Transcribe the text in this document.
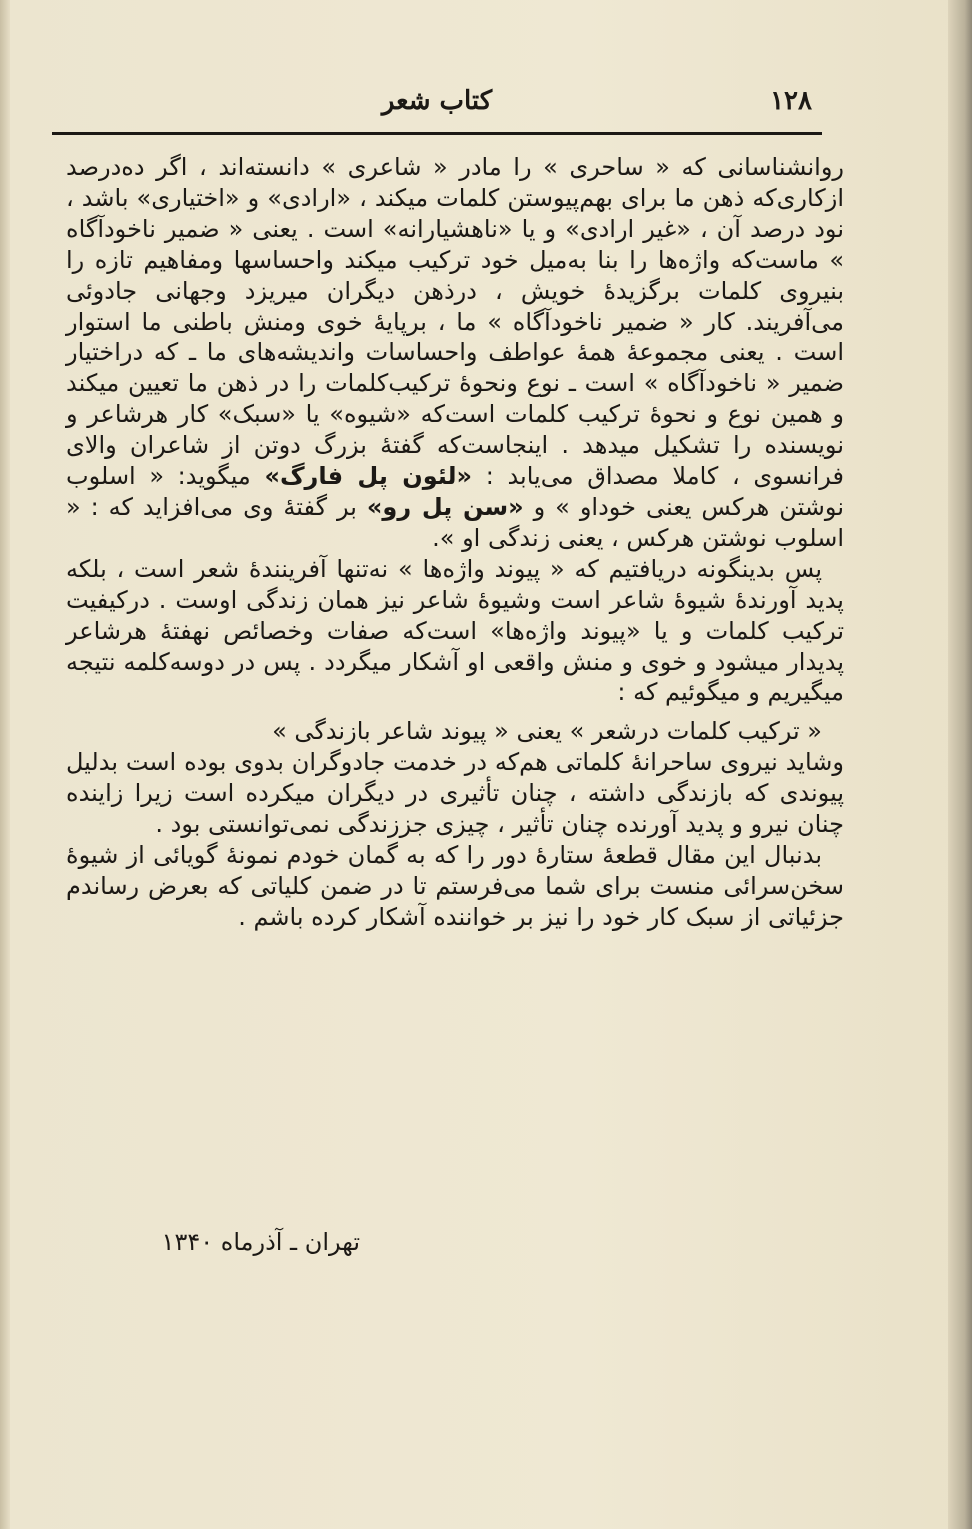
کتاب شعر	۱۲۸

روانشناسانی که « ساحری » را مادر « شاعری » دانسته‌اند ، اگر ده‌درصد ازکاری‌که ذهن ما برای بهم‌پیوستن کلمات میکند ، «ارادی» و «اختیاری» باشد ، نود درصد آن ، «غیر ارادی» و یا «ناهشیارانه» است . یعنی « ضمیر ناخودآگاه » ماست‌که واژه‌ها را بنا به‌میل خود ترکیب میکند واحساسها ومفاهیم تازه را بنیروی کلمات برگزیدهٔ خویش ، درذهن دیگران میریزد وجهانی جادوئی می‌آفریند. کار « ضمیر ناخودآگاه » ما ، برپایهٔ خوی ومنش باطنی ما استوار است . یعنی مجموعهٔ همهٔ عواطف واحساسات واندیشه‌های ما ـ که دراختیار ضمیر « ناخودآگاه » است ـ نوع ونحوهٔ ترکیب‌کلمات را در ذهن ما تعیین میکند و همین نوع و نحوهٔ ترکیب کلمات است‌که «شیوه» یا «سبک» کار هرشاعر و نویسنده را تشکیل میدهد . اینجاست‌که گفتهٔ بزرگ دوتن از شاعران والای فرانسوی ، کاملا مصداق می‌یابد : «لئون پل فارگ» میگوید: « اسلوب نوشتن هرکس یعنی خوداو » و «سن پل رو» بر گفتهٔ وی می‌افزاید که : « اسلوب نوشتن هرکس ، یعنی زندگی او ».

پس بدینگونه دریافتیم که « پیوند واژه‌ها » نه‌تنها آفرینندهٔ شعر است ، بلکه پدید آورندهٔ شیوهٔ شاعر است وشیوهٔ شاعر نیز همان زندگی اوست . درکیفیت ترکیب کلمات و یا «پیوند واژه‌ها» است‌که صفات وخصائص نهفتهٔ هرشاعر پدیدار میشود و خوی و منش واقعی او آشکار میگردد . پس در دوسه‌کلمه نتیجه میگیریم و میگوئیم که :

« ترکیب کلمات درشعر » یعنی « پیوند شاعر بازندگی »

وشاید نیروی ساحرانهٔ کلماتی هم‌که در خدمت جادوگران بدوی بوده است بدلیل پیوندی که بازندگی داشته ، چنان تأثیری در دیگران میکرده است زیرا زاینده چنان نیرو و پدید آورنده چنان تأثیر ، چیزی جززندگی نمی‌توانستی بود .

بدنبال این مقال قطعهٔ ستارهٔ دور را که به گمان خودم نمونهٔ گویائی از شیوهٔ سخن‌سرائی منست برای شما می‌فرستم تا در ضمن کلیاتی که بعرض رساندم جزئیاتی از سبک کار خود را نیز بر خواننده آشکار کرده باشم .

تهران ـ آذرماه ۱۳۴۰
